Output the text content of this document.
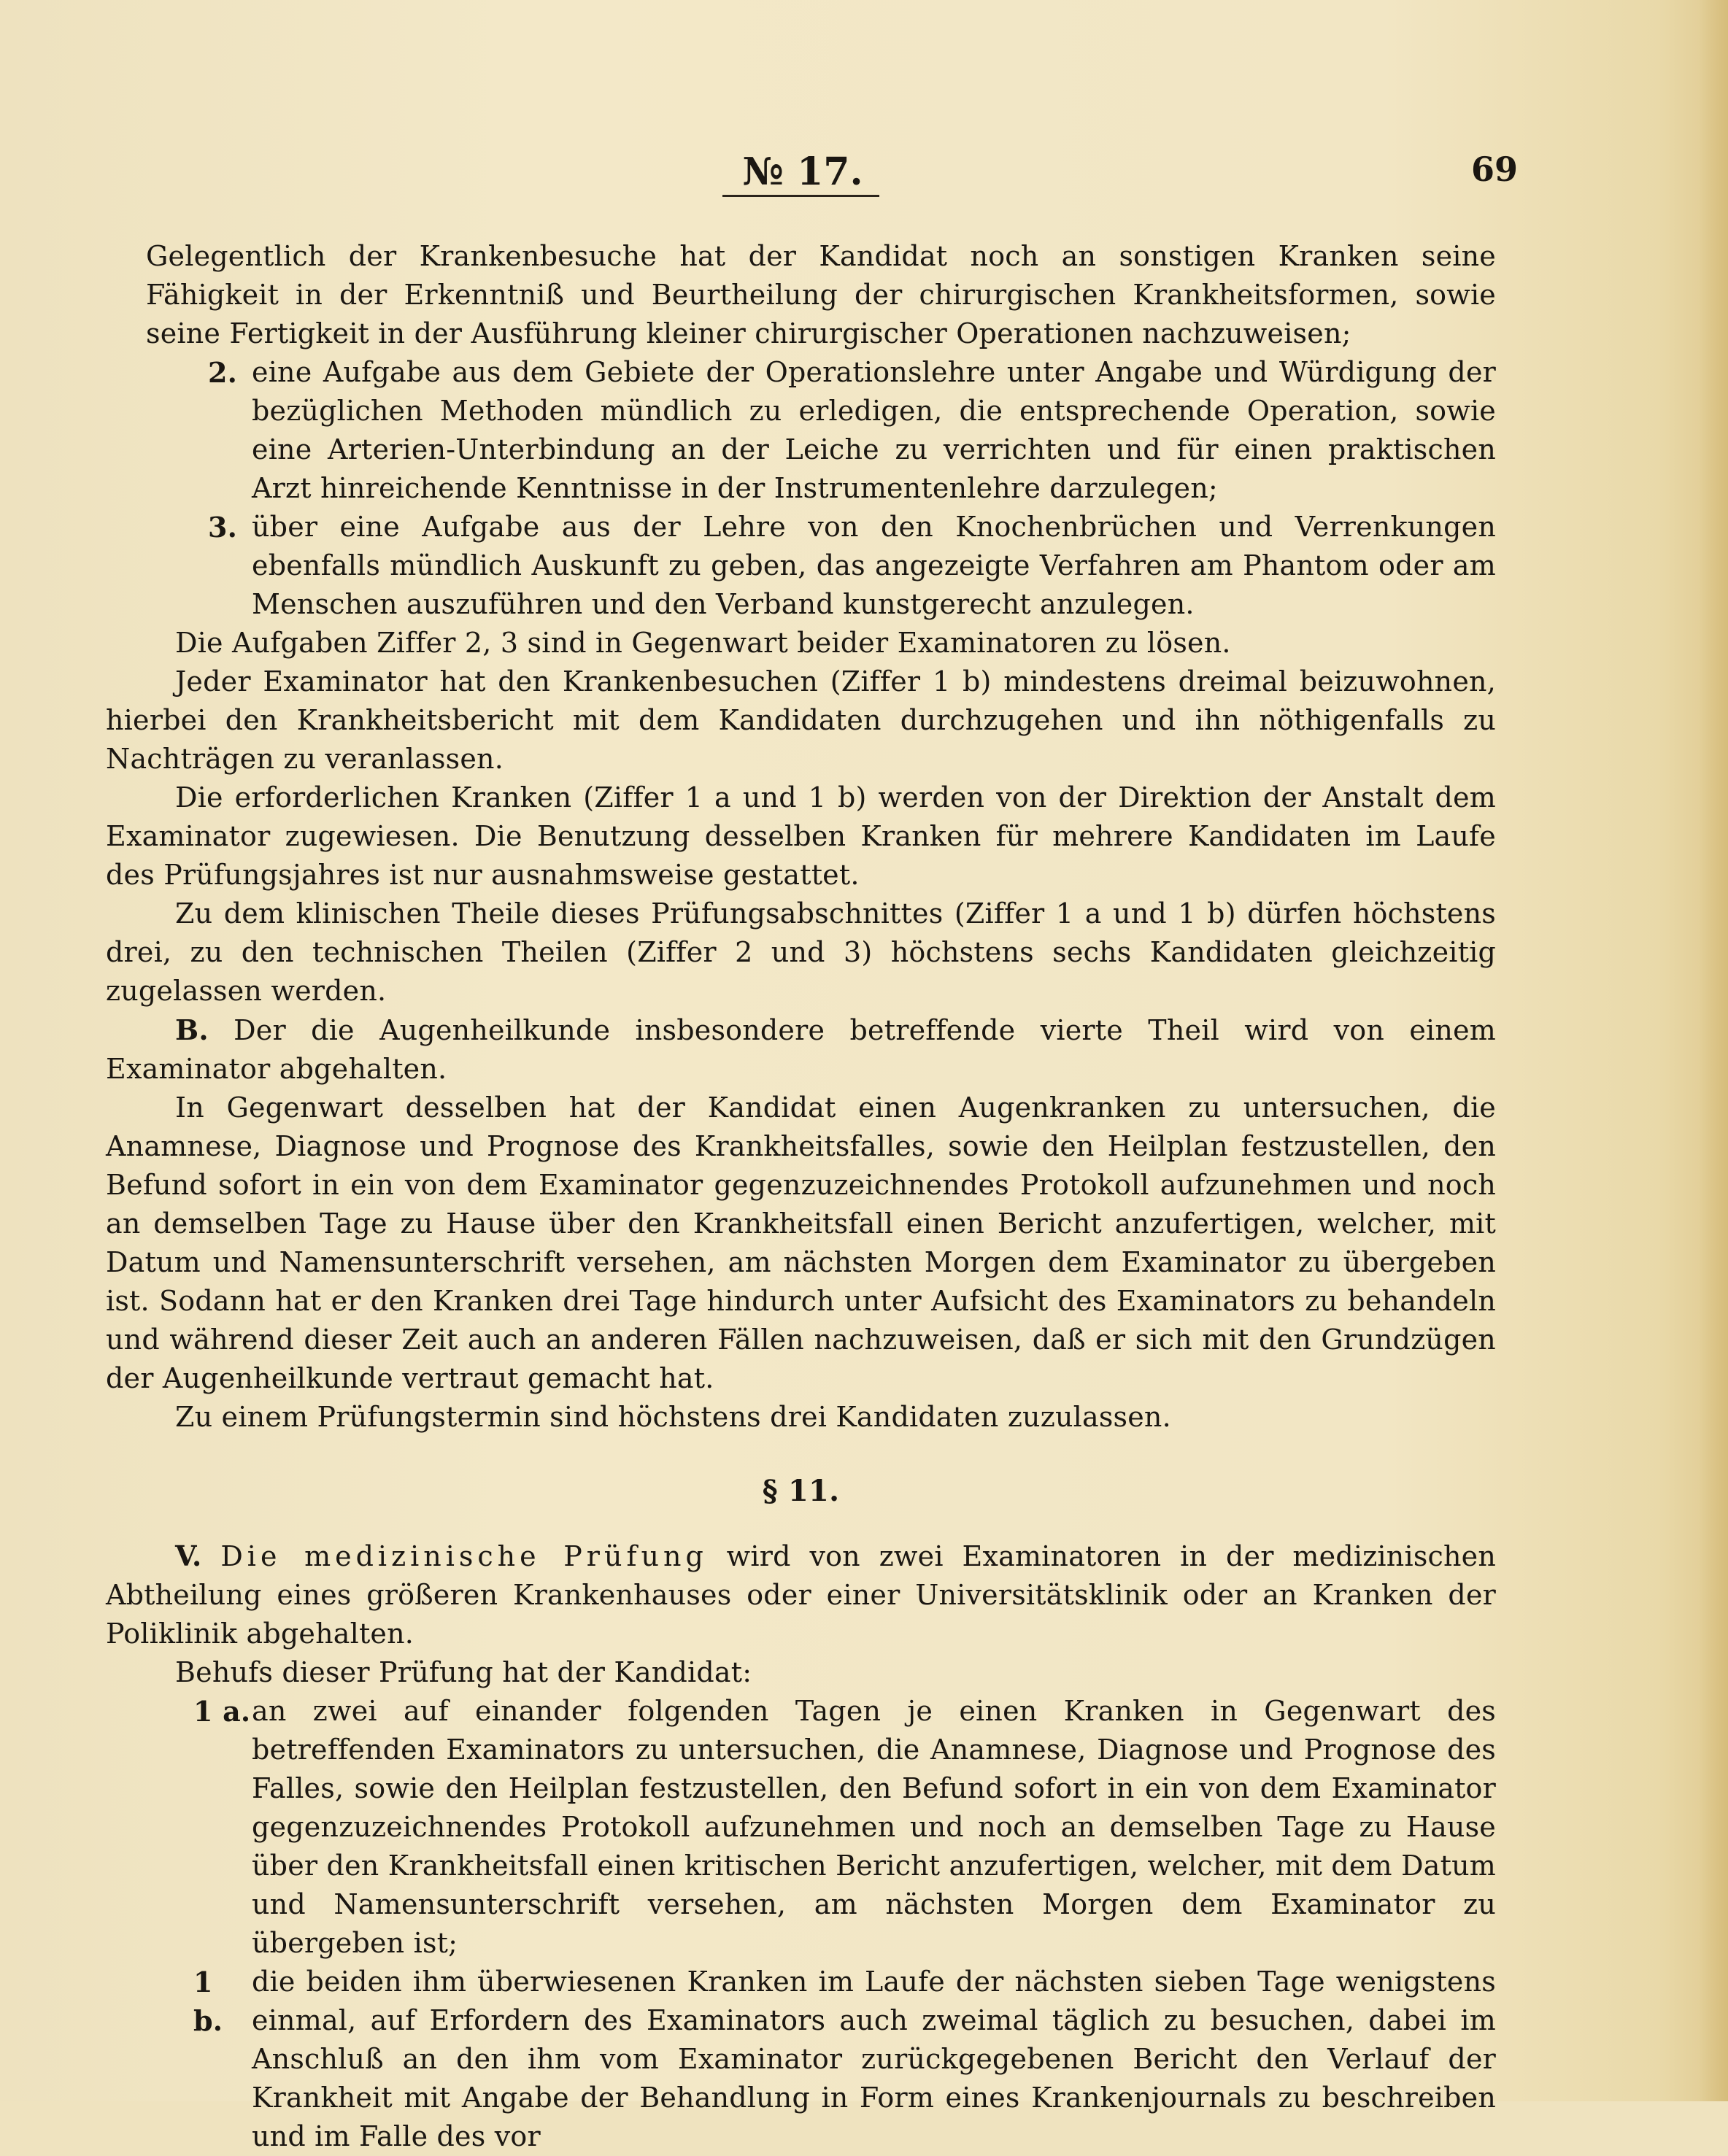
№ 17.	69

Gelegentlich der Krankenbesuche hat der Kandidat noch an sonstigen Kranken seine Fähigkeit in der Erkenntniß und Beurtheilung der chirurgischen Krankheitsformen, sowie seine Fertigkeit in der Ausführung kleiner chirurgischer Operationen nachzuweisen;

2. eine Aufgabe aus dem Gebiete der Operationslehre unter Angabe und Würdigung der bezüglichen Methoden mündlich zu erledigen, die entsprechende Operation, sowie eine Arterien-Unterbindung an der Leiche zu verrichten und für einen praktischen Arzt hinreichende Kenntnisse in der Instrumentenlehre darzulegen;

3. über eine Aufgabe aus der Lehre von den Knochenbrüchen und Verrenkungen ebenfalls mündlich Auskunft zu geben, das angezeigte Verfahren am Phantom oder am Menschen auszuführen und den Verband kunstgerecht anzulegen.

Die Aufgaben Ziffer 2, 3 sind in Gegenwart beider Examinatoren zu lösen.

Jeder Examinator hat den Krankenbesuchen (Ziffer 1 b) mindestens dreimal beizuwohnen, hierbei den Krankheitsbericht mit dem Kandidaten durchzugehen und ihn nöthigenfalls zu Nachträgen zu veranlassen.

Die erforderlichen Kranken (Ziffer 1 a und 1 b) werden von der Direktion der Anstalt dem Examinator zugewiesen. Die Benutzung desselben Kranken für mehrere Kandidaten im Laufe des Prüfungsjahres ist nur ausnahmsweise gestattet.

Zu dem klinischen Theile dieses Prüfungsabschnittes (Ziffer 1 a und 1 b) dürfen höchstens drei, zu den technischen Theilen (Ziffer 2 und 3) höchstens sechs Kandidaten gleichzeitig zugelassen werden.

B. Der die Augenheilkunde insbesondere betreffende vierte Theil wird von einem Examinator abgehalten.

In Gegenwart desselben hat der Kandidat einen Augenkranken zu untersuchen, die Anamnese, Diagnose und Prognose des Krankheitsfalles, sowie den Heilplan festzustellen, den Befund sofort in ein von dem Examinator gegenzuzeichnendes Protokoll aufzunehmen und noch an demselben Tage zu Hause über den Krankheitsfall einen Bericht anzufertigen, welcher, mit Datum und Namensunterschrift versehen, am nächsten Morgen dem Examinator zu übergeben ist. Sodann hat er den Kranken drei Tage hindurch unter Aufsicht des Examinators zu behandeln und während dieser Zeit auch an anderen Fällen nachzuweisen, daß er sich mit den Grundzügen der Augenheilkunde vertraut gemacht hat.

Zu einem Prüfungstermin sind höchstens drei Kandidaten zuzulassen.

§ 11.

V. Die medizinische Prüfung wird von zwei Examinatoren in der medizinischen Abtheilung eines größeren Krankenhauses oder einer Universitätsklinik oder an Kranken der Poliklinik abgehalten.

Behufs dieser Prüfung hat der Kandidat:

1 a. an zwei auf einander folgenden Tagen je einen Kranken in Gegenwart des betreffenden Examinators zu untersuchen, die Anamnese, Diagnose und Prognose des Falles, sowie den Heilplan festzustellen, den Befund sofort in ein von dem Examinator gegenzuzeichnendes Protokoll aufzunehmen und noch an demselben Tage zu Hause über den Krankheitsfall einen kritischen Bericht anzufertigen, welcher, mit dem Datum und Namensunterschrift versehen, am nächsten Morgen dem Examinator zu übergeben ist;

1 b.
die beiden ihm überwiesenen Kranken im Laufe der nächsten sieben Tage wenigstens einmal, auf Erfordern des Examinators auch zweimal täglich zu besuchen, dabei im Anschluß an den ihm vom Examinator zurückgegebenen Bericht den Verlauf der Krankheit mit Angabe der Behandlung in Form eines Krankenjournals zu beschreiben und im Falle des vor
